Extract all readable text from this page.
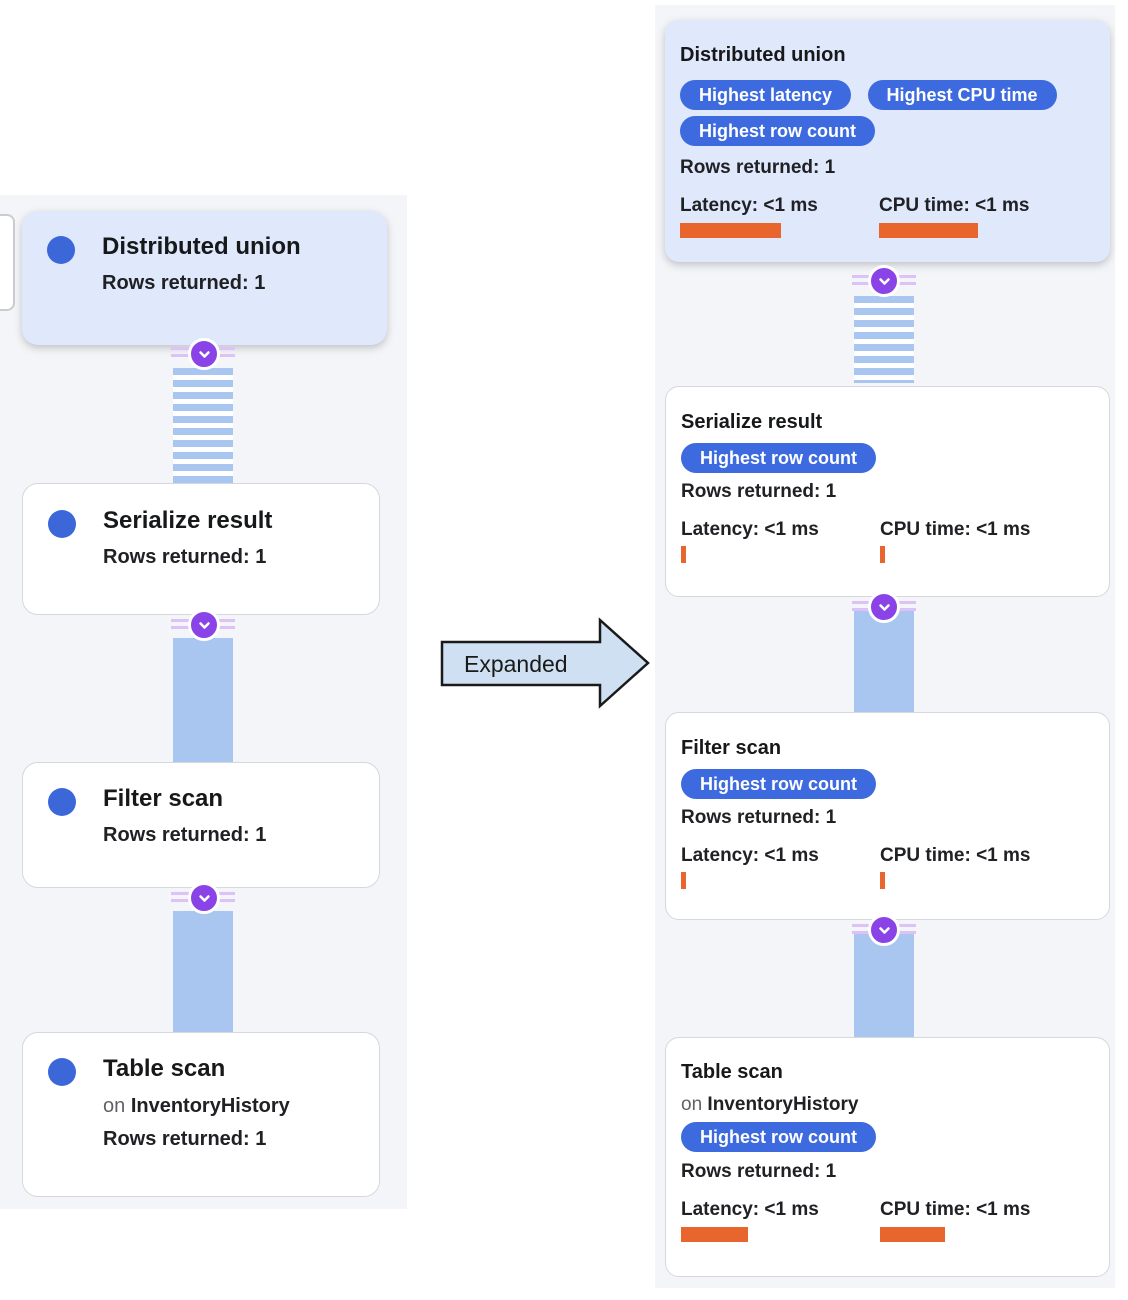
Distributed union
Rows returned: 1
Serialize result
Rows returned: 1
Filter scan
Rows returned: 1
Table scan
on InventoryHistory
Rows returned: 1
Expanded
Distributed union
Highest latency	Highest CPU time Highest row count
Rows returned: 1
Latency: <1 ms	CPU time: <1 ms
Serialize result
Highest row count
Rows returned: 1
Latency: <1 ms	CPU time: <1 ms
Filter scan
Highest row count
Rows returned: 1
Latency: <1 ms	CPU time: <1 ms
Table scan
on InventoryHistory
Highest row count
Rows returned: 1
Latency: <1 ms	CPU time: <1 ms
